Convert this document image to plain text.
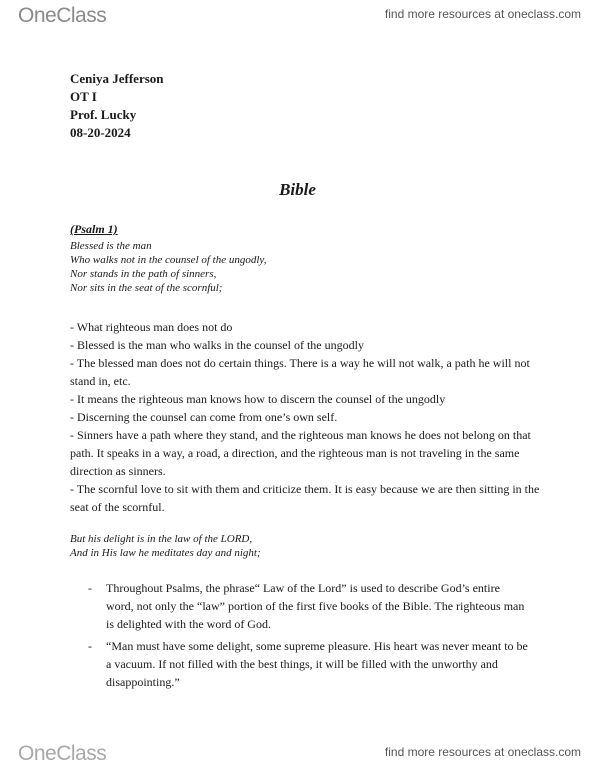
OneClass	find more resources at oneclass.com
Ceniya Jefferson
OT I
Prof. Lucky
08-20-2024
Bible
(Psalm 1)
Blessed is the man
Who walks not in the counsel of the ungodly,
Nor stands in the path of sinners,
Nor sits in the seat of the scornful;
- What righteous man does not do
- Blessed is the man who walks in the counsel of the ungodly
- The blessed man does not do certain things. There is a way he will not walk, a path he will not stand in, etc.
- It means the righteous man knows how to discern the counsel of the ungodly
- Discerning the counsel can come from one’s own self.
- Sinners have a path where they stand, and the righteous man knows he does not belong on that path. It speaks in a way, a road, a direction, and the righteous man is not traveling in the same direction as sinners.
- The scornful love to sit with them and criticize them. It is easy because we are then sitting in the seat of the scornful.
But his delight is in the law of the LORD,
And in His law he meditates day and night;
- Throughout Psalms, the phrase“ Law of the Lord” is used to describe God’s entire word, not only the “law” portion of the first five books of the Bible. The righteous man is delighted with the word of God.
- “Man must have some delight, some supreme pleasure. His heart was never meant to be a vacuum. If not filled with the best things, it will be filled with the unworthy and disappointing.”
OneClass	find more resources at oneclass.com
